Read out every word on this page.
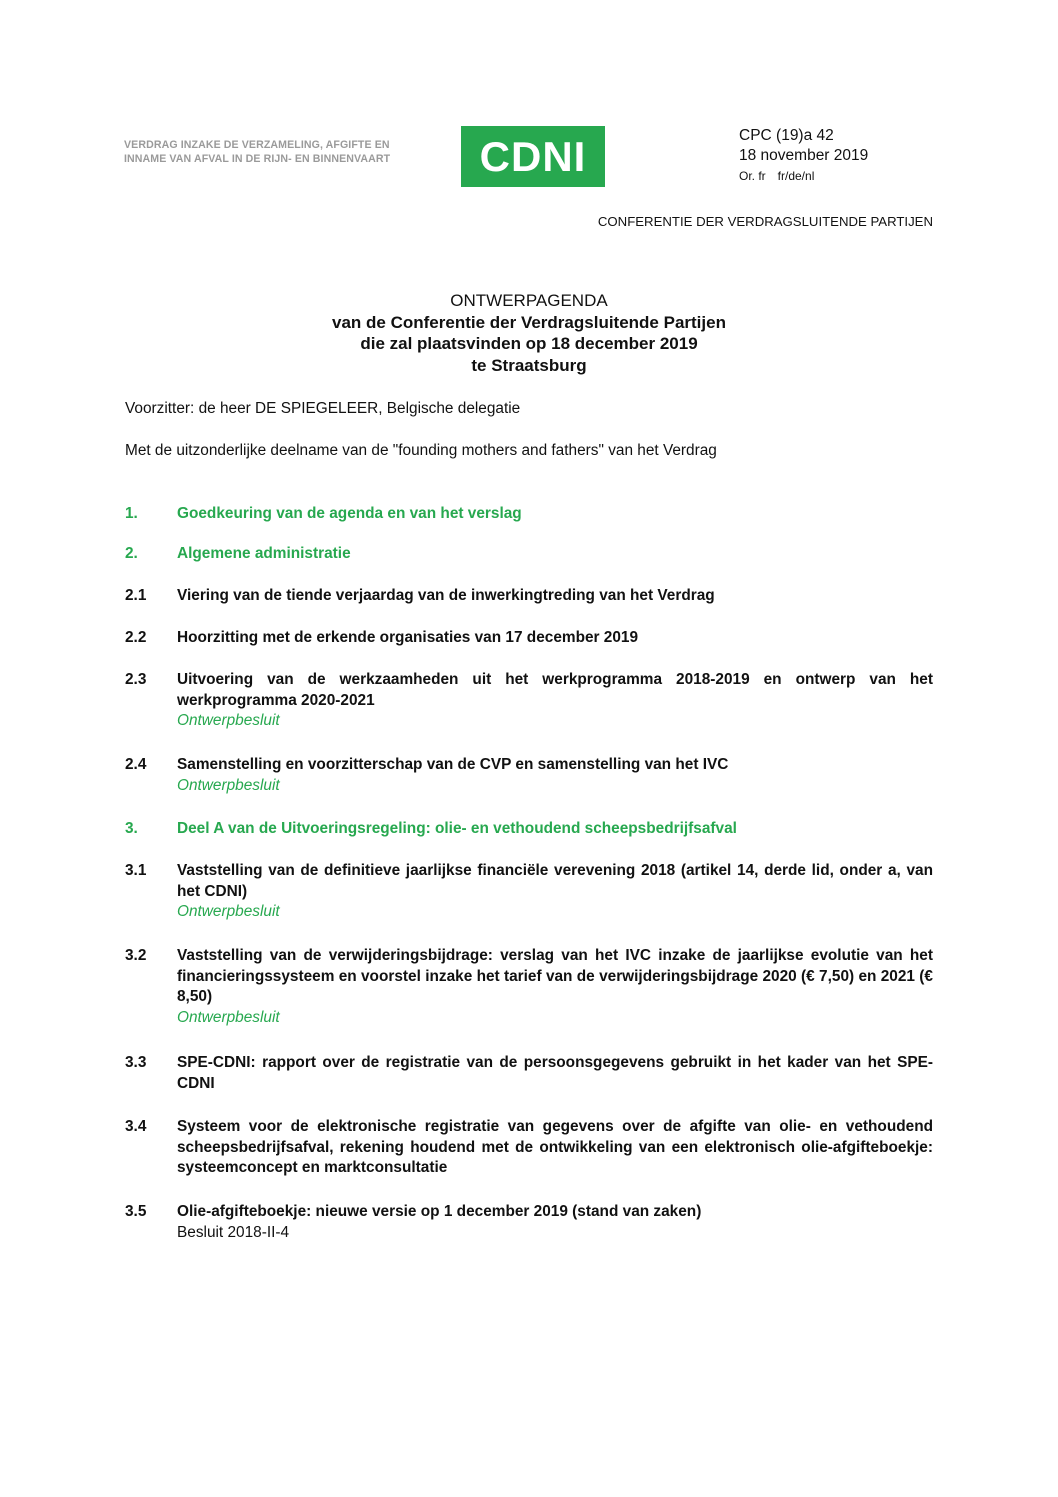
VERDRAG INZAKE DE VERZAMELING, AFGIFTE EN
INNAME VAN AFVAL IN DE RIJN- EN BINNENVAART CDNI	CPC (19)a 42
18 november 2019
Or. fr fr/de/nl
CONFERENTIE DER VERDRAGSLUITENDE PARTIJEN
ONTWERPAGENDA
van de Conferentie der Verdragsluitende Partijen
die zal plaatsvinden op 18 december 2019
te Straatsburg
Voorzitter: de heer DE SPIEGELEER, Belgische delegatie
Met de uitzonderlijke deelname van de "founding mothers and fathers" van het Verdrag
1.	Goedkeuring van de agenda en van het verslag
2.	Algemene administratie
2.1 Viering van de tiende verjaardag van de inwerkingtreding van het Verdrag
2.2 Hoorzitting met de erkende organisaties van 17 december 2019
2.3 Uitvoering van de werkzaamheden uit het werkprogramma 2018-2019 en ontwerp van het werkprogramma 2020-2021
Ontwerpbesluit
2.4 Samenstelling en voorzitterschap van de CVP en samenstelling van het IVC
Ontwerpbesluit
3.	Deel A van de Uitvoeringsregeling: olie- en vethoudend scheepsbedrijfsafval
3.1 Vaststelling van de definitieve jaarlijkse financiële verevening 2018 (artikel 14, derde lid, onder a, van het CDNI)
Ontwerpbesluit
3.2 Vaststelling van de verwijderingsbijdrage: verslag van het IVC inzake de jaarlijkse evolutie van het financieringssysteem en voorstel inzake het tarief van de verwijderingsbijdrage 2020 (€ 7,50) en 2021 (€ 8,50)
Ontwerpbesluit
3.3 SPE-CDNI: rapport over de registratie van de persoonsgegevens gebruikt in het kader van het SPE-CDNI
3.4 Systeem voor de elektronische registratie van gegevens over de afgifte van olie- en vethoudend scheepsbedrijfsafval, rekening houdend met de ontwikkeling van een elektronisch olie-afgifteboekje: systeemconcept en marktconsultatie
3.5 Olie-afgifteboekje: nieuwe versie op 1 december 2019 (stand van zaken)
Besluit 2018-II-4
